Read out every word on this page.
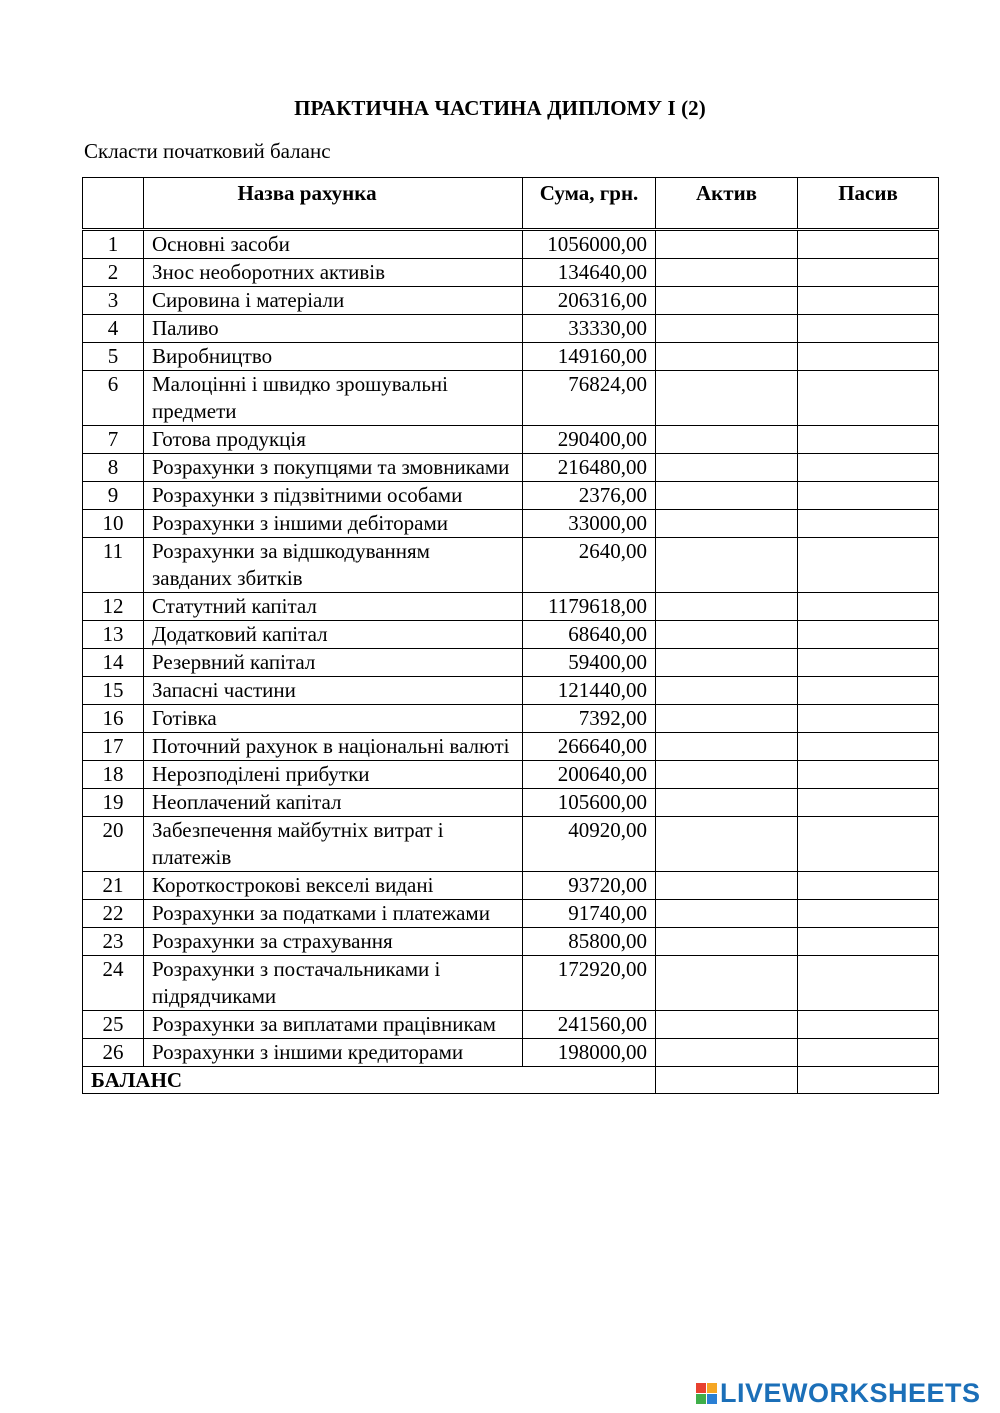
ПРАКТИЧНА ЧАСТИНА ДИПЛОМУ І (2)
Скласти початковий баланс
	Назва рахунка	Сума, грн.	Актив	Пасив
1	Основні засоби	1056000,00		
2	Знос необоротних активів	134640,00		
3	Сировина і матеріали	206316,00		
4	Паливо	33330,00		
5	Виробництво	149160,00		
6	Малоцінні і швидко зрошувальні предмети	76824,00		
7	Готова продукція	290400,00		
8	Розрахунки з покупцями та змовниками	216480,00		
9	Розрахунки з підзвітними особами	2376,00		
10	Розрахунки з іншими дебіторами	33000,00		
11	Розрахунки за відшкодуванням завданих збитків	2640,00		
12	Статутний капітал	1179618,00		
13	Додатковий капітал	68640,00		
14	Резервний капітал	59400,00		
15	Запасні частини	121440,00		
16	Готівка	7392,00		
17	Поточний рахунок в національні валюті	266640,00		
18	Нерозподілені прибутки	200640,00		
19	Неоплачений капітал	105600,00		
20	Забезпечення майбутніх витрат і платежів	40920,00		
21	Короткострокові векселі видані	93720,00		
22	Розрахунки за податками і платежами	91740,00		
23	Розрахунки за страхування	85800,00		
24	Розрахунки з постачальниками і підрядчиками	172920,00		
25	Розрахунки за виплатами працівникам	241560,00		
26	Розрахунки з іншими кредиторами	198000,00		
БАЛАНС				
LIVEWORKSHEETS
